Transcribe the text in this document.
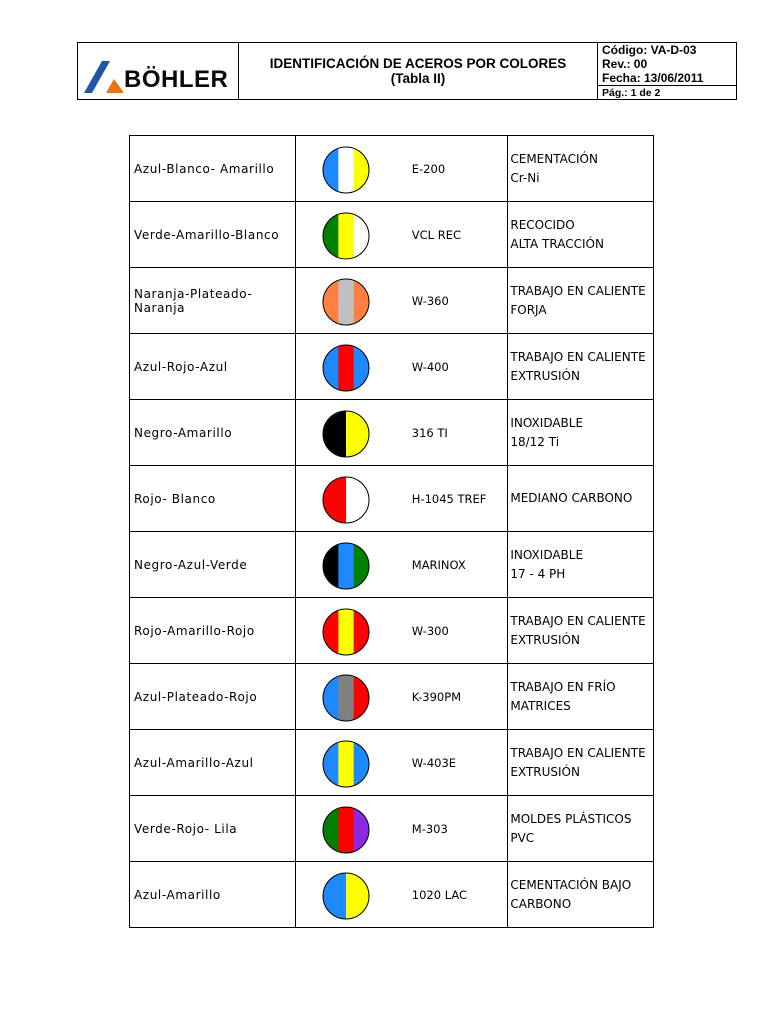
BÖHLER
IDENTIFICACIÓN DE ACEROS POR COLORES
(Tabla II)
Código: VA-D-03
Rev.: 00
Fecha: 13/06/2011
Pág.: 1 de 2
Azul-Blanco- Amarillo	E-200	CEMENTACIÓN
Cr-Ni

Verde-Amarillo-Blanco	VCL REC	RECOCIDO
ALTA TRACCIÓN

Naranja-Plateado-Naranja	W-360	TRABAJO EN CALIENTE
FORJA

Azul-Rojo-Azul	W-400	TRABAJO EN CALIENTE
EXTRUSIÓN

Negro-Amarillo	316 TI	INOXIDABLE
18/12 Ti

Rojo- Blanco	H-1045 TREF	MEDIANO CARBONO

Negro-Azul-Verde	MARINOX	INOXIDABLE
17 - 4 PH

Rojo-Amarillo-Rojo	W-300	TRABAJO EN CALIENTE
EXTRUSIÓN

Azul-Plateado-Rojo	K-390PM	TRABAJO EN FRÍO
MATRICES

Azul-Amarillo-Azul	W-403E	TRABAJO EN CALIENTE
EXTRUSIÓN

Verde-Rojo- Lila	M-303	MOLDES PLÁSTICOS
PVC

Azul-Amarillo	1020 LAC	CEMENTACIÓN BAJO
CARBONO
